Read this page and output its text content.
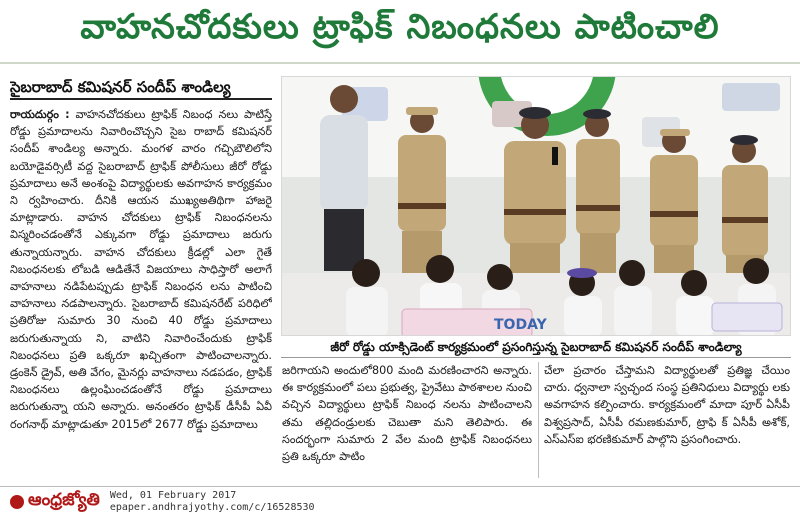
వాహనచోదకులు ట్రాఫిక్ నిబంధనలు పాటించాలి
సైబరాబాద్ కమిషనర్ సందీప్ శాండిల్య
రాయదుర్గం : వాహనచోదకులు ట్రాఫిక్ నిబంధ నలు పాటిస్తే రోడ్డు ప్రమాదాలను నివారించొచ్చని సైబ రాబాద్ కమిషనర్ సందీప్ శాండిల్య అన్నారు. మంగళ వారం గచ్చిబౌలిలోని బయోడైవర్సిటీ వద్ద సైబరాబాద్ ట్రాఫిక్ పోలీసులు జీరో రోడ్డు ప్రమాదాలు అనే అంశంపై విద్యార్థులకు అవగాహన కార్యక్రమం ని ర్వహించారు. దీనికి ఆయన ముఖ్యఅతిథిగా హాజరై మాట్లాడారు. వాహన చోదకులు ట్రాఫిక్ నిబంధనలను విస్మరించడంతోనే ఎక్కువగా రోడ్డు ప్రమాదాలు జరుగు తున్నాయన్నారు. వాహన చోదకులు క్రీడల్లో ఎలా గైతే నిబంధనలకు లోబడి ఆడితేనే విజయాలు సాధిస్తారో అలాగే వాహనాలు నడిపేటప్పుడు ట్రాఫిక్ నిబంధన లను పాటించి వాహనాలు నడపాలన్నారు. సైబరాబాద్ కమిషనరేట్ పరిధిలో ప్రతిరోజు సుమారు 30 నుంచి 40 రోడ్డు ప్రమాదాలు జరుగుతున్నాయ ని, వాటిని నివారించేందుకు ట్రాఫిక్ నిబంధనలు ప్రతి ఒక్కరూ ఖచ్చితంగా పాటించాలన్నారు. డ్రంకెన్ డ్రైవ్, అతి వేగం, మైనర్లు వాహనాలు నడపడం, ట్రాఫిక్ నిబంధనలు ఉల్లంఘించడంతోనే రోడ్డు ప్రమాదాలు జరుగుతున్నా యని అన్నారు. అనంతరం ట్రాఫిక్ డీసీపీ ఏవీ రంగనాథ్ మాట్లాడుతూ 2015లో 2677 రోడ్డు ప్రమాదాలు
TODAY
జీరో రోడ్డు యాక్సిడెంట్ కార్యక్రమంలో ప్రసంగిస్తున్న సైబరాబాద్ కమిషనర్ సందీప్ శాండిల్యా
జరిగాయని అందులో800 మంది మరణించారని అన్నారు. ఈ కార్యక్రమంలో పలు ప్రభుత్వ, ప్రైవేటు పాఠశాలల నుంచి వచ్చిన విద్యార్థులు ట్రాఫిక్ నిబంధ నలను పాటించాలని తమ తల్లిదండ్రులకు చెబుతా మని తెలిపారు. ఈ సందర్భంగా సుమారు 2 వేల మంది ట్రాఫిక్ నిబంధనలు ప్రతి ఒక్కరూ పాటిం
చేలా ప్రచారం చేస్తామని విద్యార్థులతో ప్రతిజ్ఞ చేయిం చారు. ధ్వనాలా స్వచ్ఛంద సంస్థ ప్రతినిధులు విద్యార్థు లకు అవగాహన కల్పించారు. కార్యక్రమంలో మాదా పూర్ ఏసీపీ విశ్వప్రసాద్, ఏసీపీ రమణకుమార్, ట్రాఫి క్ ఏసీపీ అశోక్, ఎస్ఎస్ఐ భరణికుమార్ పాల్గొని ప్రసంగించారు.
ఆంధ్రజ్యోతి Wed, 01 February 2017
epaper.andhrajyothy.com/c/16528530
